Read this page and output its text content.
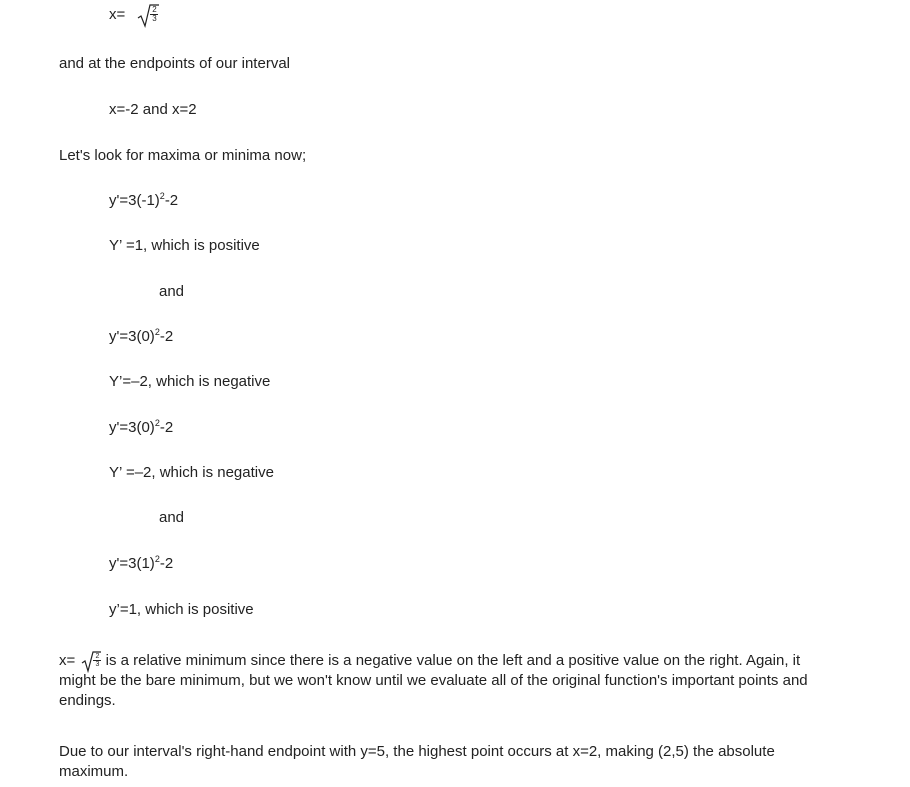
x=	2
3
and at the endpoints of our interval
x=-2 and x=2
Let's look for maxima or minima now;
$y'=3(-1)^2-2$
Y’ =1, which is positive
and
$y'=3(0)^2-2$
Y’=–2, which is negative
$y'=3(0)^2-2$
Y’ =–2, which is negative
and
$y'=3(1)^2-2$
y’=1, which is positive
x=	2
3 is a relative minimum since there is a negative value on the left and a positive value on the right. Again, it might be the bare minimum, but we won't know until we evaluate all of the original function's important points and endings.
Due to our interval's right-hand endpoint with y=5, the highest point occurs at x=2, making (2,5) the absolute maximum.
